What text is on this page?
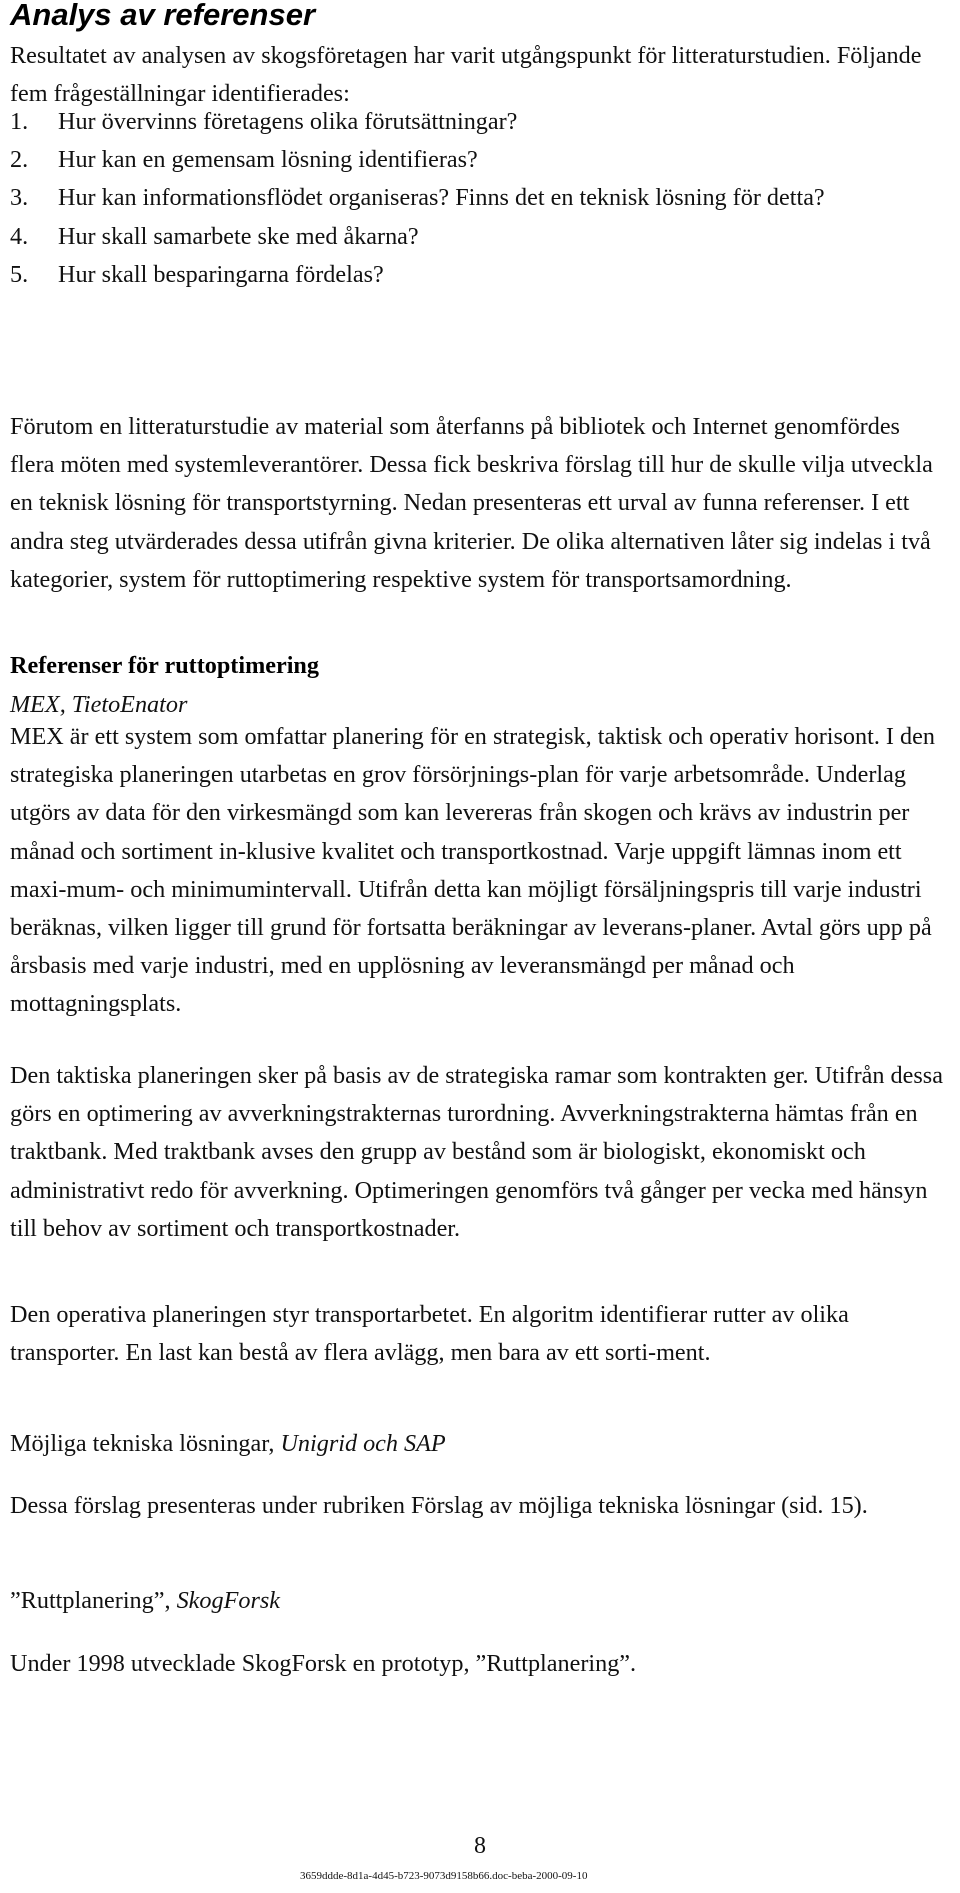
Analys av referenser

Resultatet av analysen av skogsföretagen har varit utgångspunkt för litteraturstudien. Följande fem frågeställningar identifierades:

1. Hur övervinns företagens olika förutsättningar?
2. Hur kan en gemensam lösning identifieras?
3. Hur kan informationsflödet organiseras? Finns det en teknisk lösning för detta?
4. Hur skall samarbete ske med åkarna?
5. Hur skall besparingarna fördelas?

Förutom en litteraturstudie av material som återfanns på bibliotek och Internet genomfördes flera möten med systemleverantörer. Dessa fick beskriva förslag till hur de skulle vilja utveckla en teknisk lösning för transportstyrning. Nedan presenteras ett urval av funna referenser. I ett andra steg utvärderades dessa utifrån givna kriterier. De olika alternativen låter sig indelas i två kategorier, system för ruttoptimering respektive system för transportsamordning.

Referenser för ruttoptimering
MEX, TietoEnator

MEX är ett system som omfattar planering för en strategisk, taktisk och operativ horisont. I den strategiska planeringen utarbetas en grov försörjnings-plan för varje arbetsområde. Underlag utgörs av data för den virkesmängd som kan levereras från skogen och krävs av industrin per månad och sortiment in-klusive kvalitet och transportkostnad. Varje uppgift lämnas inom ett maxi-mum- och minimumintervall. Utifrån detta kan möjligt försäljningspris till varje industri beräknas, vilken ligger till grund för fortsatta beräkningar av leverans-planer. Avtal görs upp på årsbasis med varje industri, med en upplösning av leveransmängd per månad och mottagningsplats.

Den taktiska planeringen sker på basis av de strategiska ramar som kontrakten ger. Utifrån dessa görs en optimering av avverkningstrakternas turordning. Avverkningstrakterna hämtas från en traktbank. Med traktbank avses den grupp av bestånd som är biologiskt, ekonomiskt och administrativt redo för avverkning. Optimeringen genomförs två gånger per vecka med hänsyn till behov av sortiment och transportkostnader.

Den operativa planeringen styr transportarbetet. En algoritm identifierar rutter av olika transporter. En last kan bestå av flera avlägg, men bara av ett sorti-ment.

Möjliga tekniska lösningar, Unigrid och SAP

Dessa förslag presenteras under rubriken Förslag av möjliga tekniska lösningar (sid. 15).

”Ruttplanering”, SkogForsk
Under 1998 utvecklade SkogForsk en prototyp, ”Ruttplanering”.
8
3659ddde-8d1a-4d45-b723-9073d9158b66.doc-beba-2000-09-10
